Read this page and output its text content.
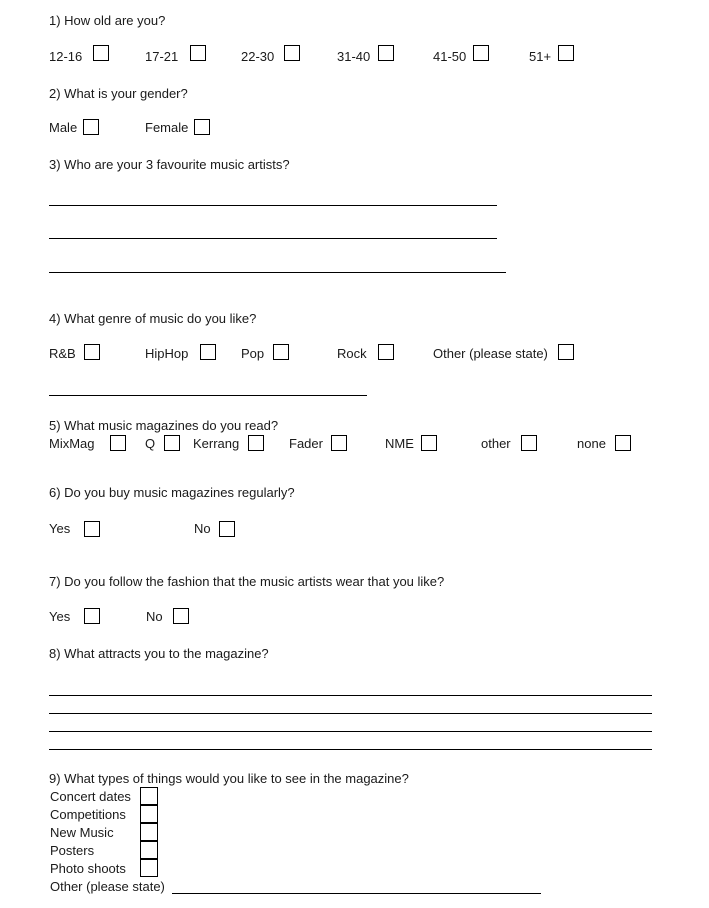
1) How old are you?
12-16	17-21	22-30	31-40	41-50	51+
2) What is your gender?
Male	Female
3) Who are your 3 favourite music artists?
4) What genre of music do you like?
R&B	HipHop	Pop	Rock	Other (please state)
5) What music magazines do you read?
MixMag	Q	Kerrang	Fader	NME	other	none
6) Do you buy music magazines regularly?
Yes	No
7) Do you follow the fashion that the music artists wear that you like?
Yes	No
8) What attracts you to the magazine?
9) What types of things would you like to see in the magazine?
Concert dates
Competitions
New Music
Posters
Photo shoots
Other (please state)
